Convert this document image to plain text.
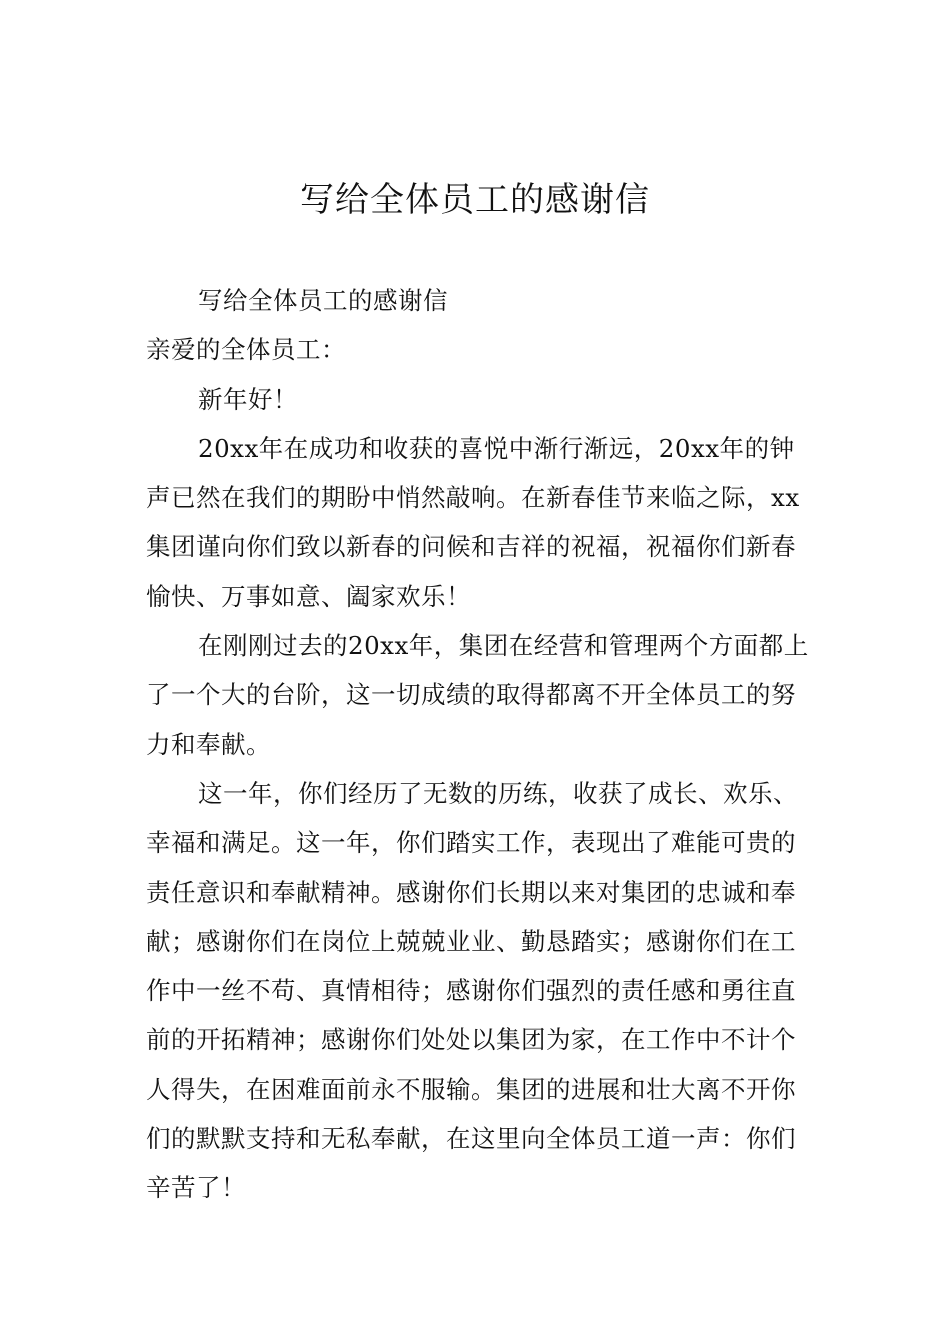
写给全体员工的感谢信

写给全体员工的感谢信

亲爱的全体员工：

新年好！

20xx年在成功和收获的喜悦中渐行渐远，20xx年的钟声已然在我们的期盼中悄然敲响。在新春佳节来临之际，xx集团谨向你们致以新春的问候和吉祥的祝福，祝福你们新春愉快、万事如意、阖家欢乐！

在刚刚过去的20xx年，集团在经营和管理两个方面都上了一个大的台阶，这一切成绩的取得都离不开全体员工的努力和奉献。

这一年，你们经历了无数的历练，收获了成长、欢乐、幸福和满足。这一年，你们踏实工作，表现出了难能可贵的责任意识和奉献精神。感谢你们长期以来对集团的忠诚和奉献；感谢你们在岗位上兢兢业业、勤恳踏实；感谢你们在工作中一丝不苟、真情相待；感谢你们强烈的责任感和勇往直前的开拓精神；感谢你们处处以集团为家，在工作中不计个人得失，在困难面前永不服输。集团的进展和壮大离不开你们的默默支持和无私奉献，在这里向全体员工道一声：你们辛苦了！
